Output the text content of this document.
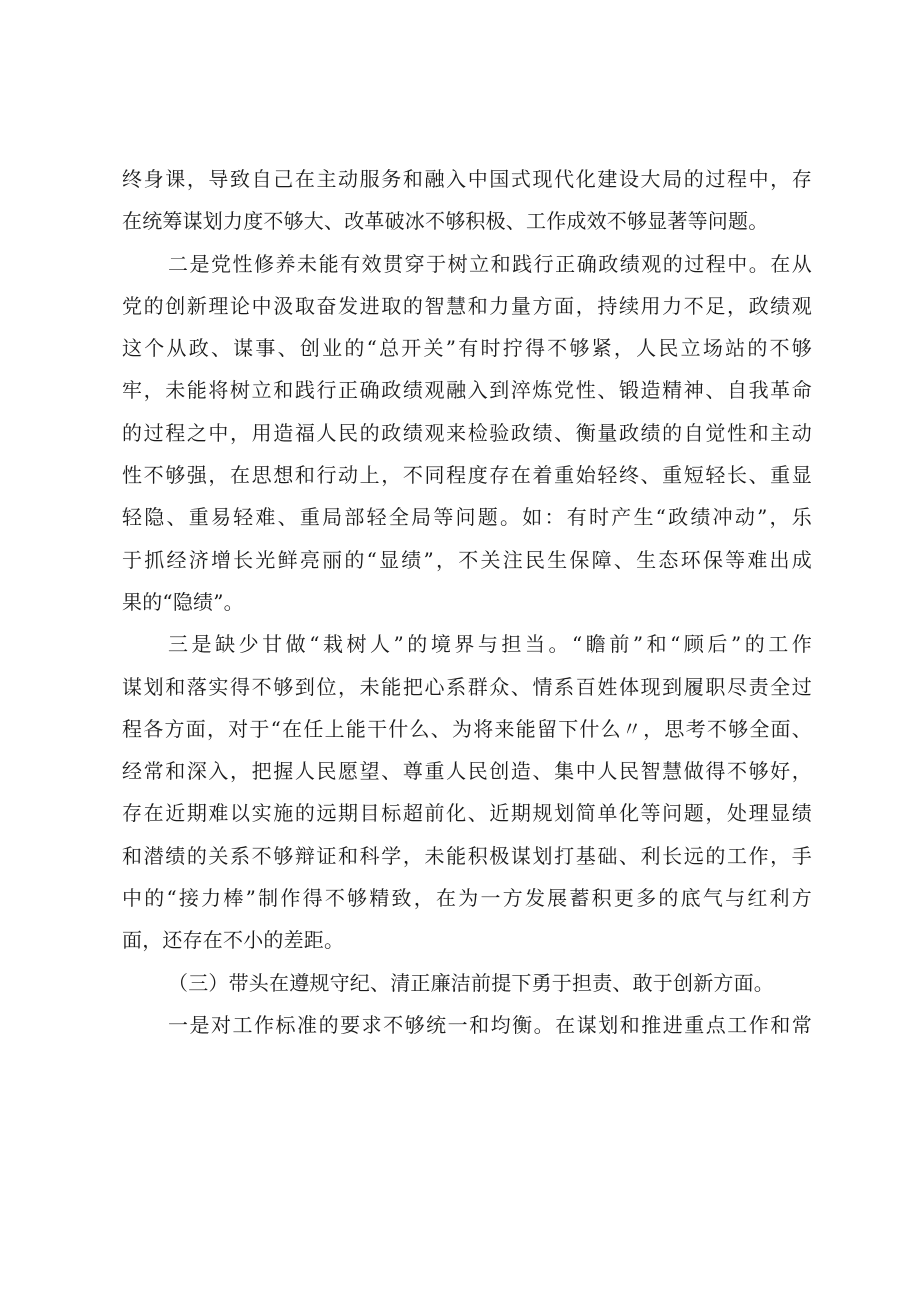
终身课，导致自己在主动服务和融入中国式现代化建设大局的过程中，存
在统筹谋划力度不够大、改革破冰不够积极、工作成效不够显著等问题。
二是党性修养未能有效贯穿于树立和践行正确政绩观的过程中。在从
党的创新理论中汲取奋发进取的智慧和力量方面，持续用力不足，政绩观
这个从政、谋事、创业的“总开关”有时拧得不够紧，人民立场站的不够
牢，未能将树立和践行正确政绩观融入到淬炼党性、锻造精神、自我革命
的过程之中，用造福人民的政绩观来检验政绩、衡量政绩的自觉性和主动
性不够强，在思想和行动上，不同程度存在着重始轻终、重短轻长、重显
轻隐、重易轻难、重局部轻全局等问题。如：有时产生“政绩冲动”，乐
于抓经济增长光鲜亮丽的“显绩”，不关注民生保障、生态环保等难出成
果的“隐绩”。
三是缺少甘做“栽树人”的境界与担当。“瞻前”和“顾后”的工作
谋划和落实得不够到位，未能把心系群众、情系百姓体现到履职尽责全过
程各方面，对于“在任上能干什么、为将来能留下什么〃，思考不够全面、
经常和深入，把握人民愿望、尊重人民创造、集中人民智慧做得不够好，
存在近期难以实施的远期目标超前化、近期规划简单化等问题，处理显绩
和潜绩的关系不够辩证和科学，未能积极谋划打基础、利长远的工作，手
中的“接力棒”制作得不够精致，在为一方发展蓄积更多的底气与红利方
面，还存在不小的差距。
（三）带头在遵规守纪、清正廉洁前提下勇于担责、敢于创新方面。
一是对工作标准的要求不够统一和均衡。在谋划和推进重点工作和常
